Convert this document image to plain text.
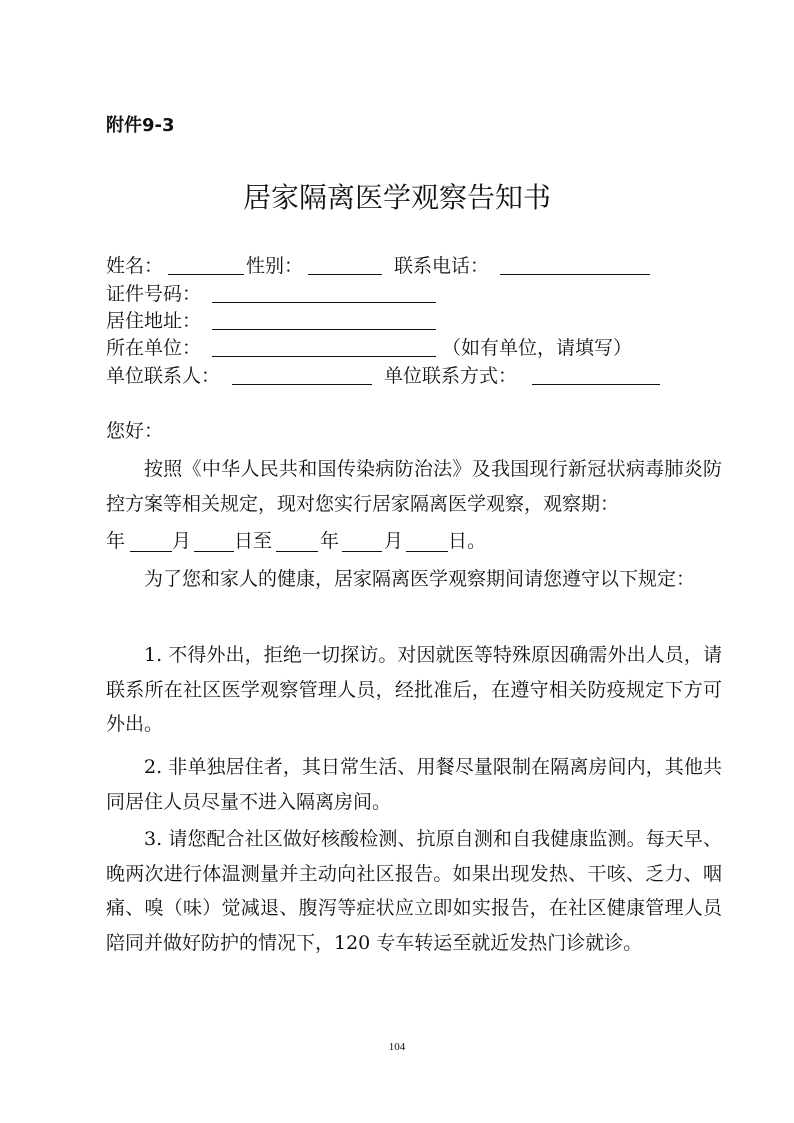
附件9-3
居家隔离医学观察告知书
姓名：	性别：	联系电话：
证件号码：
居住地址：
所在单位：	（如有单位，请填写）
单位联系人：	单位联系方式：
您好：
按照《中华人民共和国传染病防治法》及我国现行新冠状病毒肺炎防控方案等相关规定，现对您实行居家隔离医学观察，观察期：
年 月 日至	年 月 日。
为了您和家人的健康，居家隔离医学观察期间请您遵守以下规定：
1. 不得外出，拒绝一切探访。对因就医等特殊原因确需外出人员，请联系所在社区医学观察管理人员，经批准后，在遵守相关防疫规定下方可外出。
2. 非单独居住者，其日常生活、用餐尽量限制在隔离房间内，其他共同居住人员尽量不进入隔离房间。
3. 请您配合社区做好核酸检测、抗原自测和自我健康监测。每天早、晚两次进行体温测量并主动向社区报告。如果出现发热、干咳、乏力、咽痛、嗅（味）觉减退、腹泻等症状应立即如实报告，在社区健康管理人员陪同并做好防护的情况下，120 专车转运至就近发热门诊就诊。
104
